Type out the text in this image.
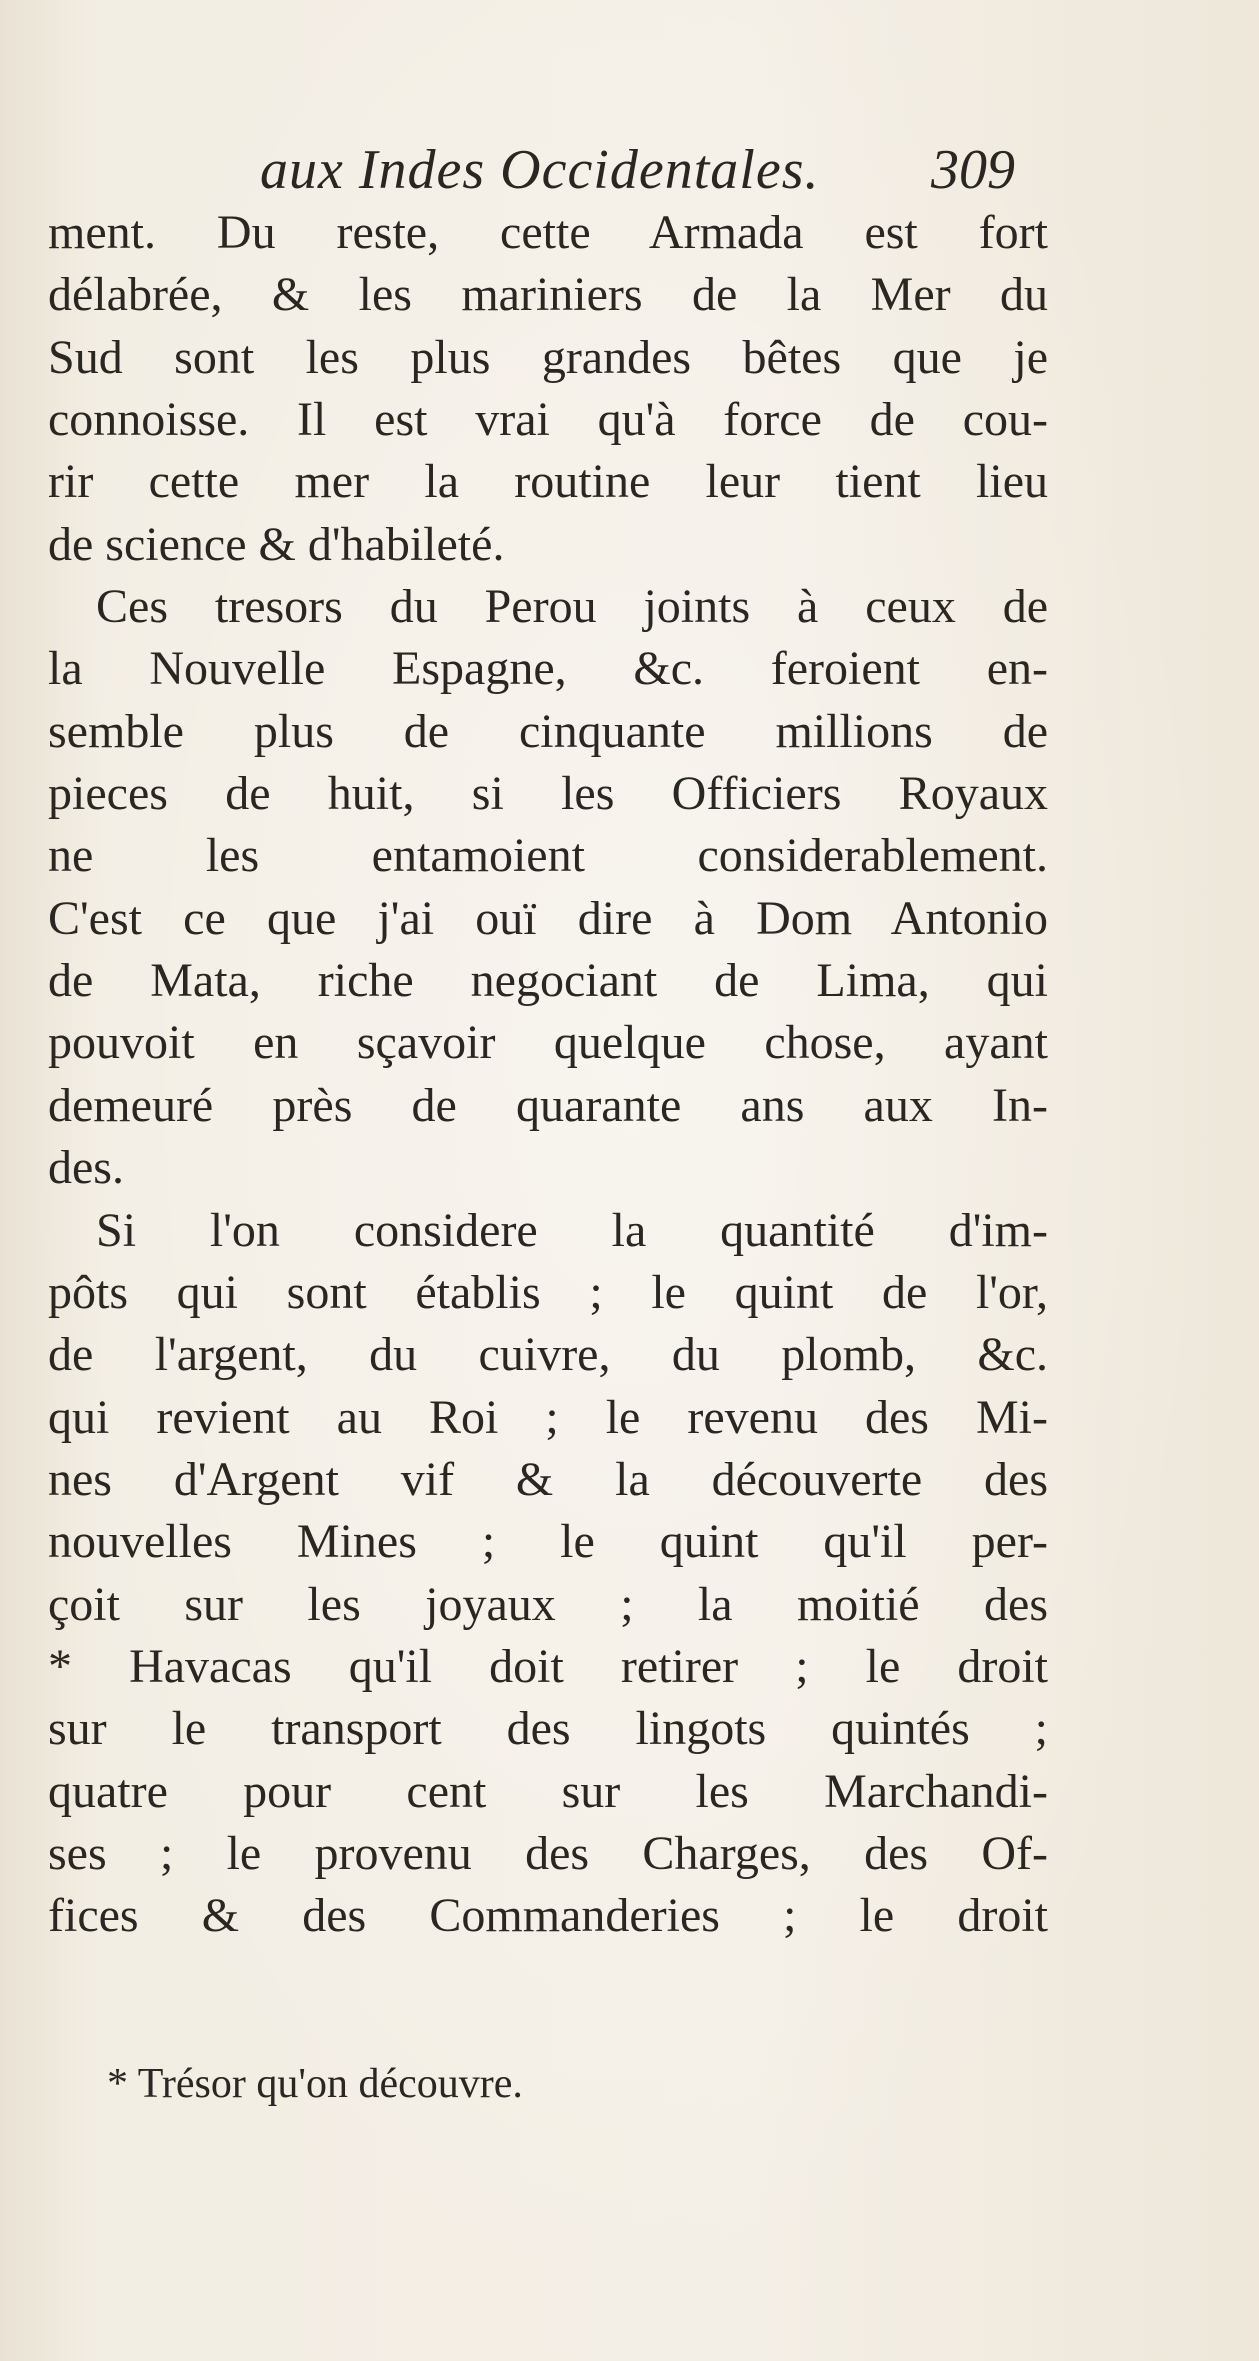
aux Indes Occidentales. 309
ment. Du reste, cette Armada est fort
délabrée, & les mariniers de la Mer du
Sud sont les plus grandes bêtes que je
connoisse. Il est vrai qu'à force de cou-
rir cette mer la routine leur tient lieu
de science & d'habileté.
Ces tresors du Perou joints à ceux de
la Nouvelle Espagne, &c. feroient en-
semble plus de cinquante millions de
pieces de huit, si les Officiers Royaux
ne les entamoient considerablement.
C'est ce que j'ai ouï dire à Dom Antonio
de Mata, riche negociant de Lima, qui
pouvoit en sçavoir quelque chose, ayant
demeuré près de quarante ans aux In-
des.
Si l'on considere la quantité d'im-
pôts qui sont établis ; le quint de l'or,
de l'argent, du cuivre, du plomb, &c.
qui revient au Roi ; le revenu des Mi-
nes d'Argent vif & la découverte des
nouvelles Mines ; le quint qu'il per-
çoit sur les joyaux ; la moitié des
* Havacas qu'il doit retirer ; le droit
sur le transport des lingots quintés ;
quatre pour cent sur les Marchandi-
ses ; le provenu des Charges, des Of-
fices & des Commanderies ; le droit
* Trésor qu'on découvre.
